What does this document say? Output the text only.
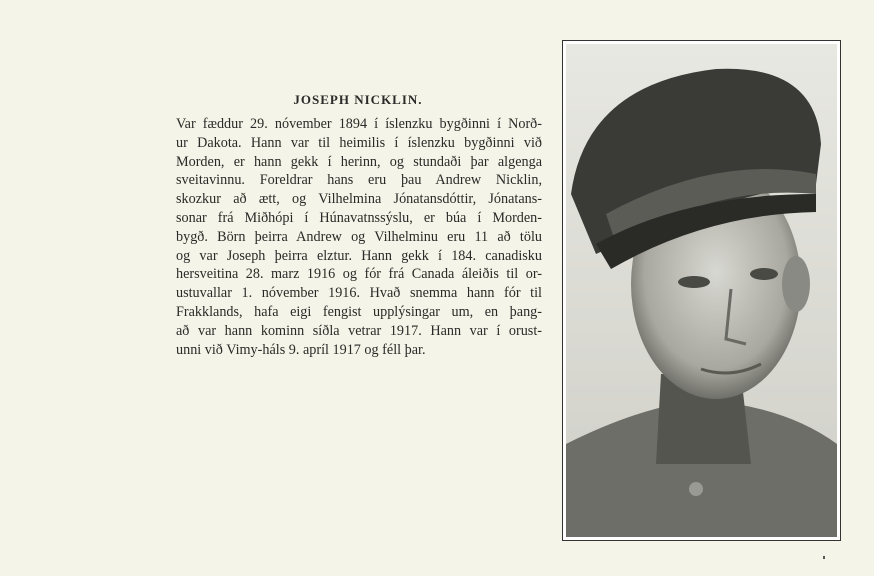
JOSEPH NICKLIN.
Var fæddur 29. nóvember 1894 í íslenzku bygðinni í Norð-
ur Dakota. Hann var til heimilis í íslenzku bygðinni við
Morden, er hann gekk í herinn, og stundaði þar algenga
sveitavinnu. Foreldrar hans eru þau Andrew Nicklin,
skozkur að ætt, og Vilhelmina Jónatansdóttir, Jónatans-
sonar frá Miðhópi í Húnavatnssýslu, er búa í Morden-
bygð. Börn þeirra Andrew og Vilhelminu eru 11 að tölu
og var Joseph þeirra elztur. Hann gekk í 184. canadisku
hersveitina 28. marz 1916 og fór frá Canada áleiðis til or-
ustuvallar 1. nóvember 1916. Hvað snemma hann fór til
Frakklands, hafa eigi fengist upplýsingar um, en þang-
að var hann kominn síðla vetrar 1917. Hann var í orust-
unni við Vimy-háls 9. apríl 1917 og féll þar.
